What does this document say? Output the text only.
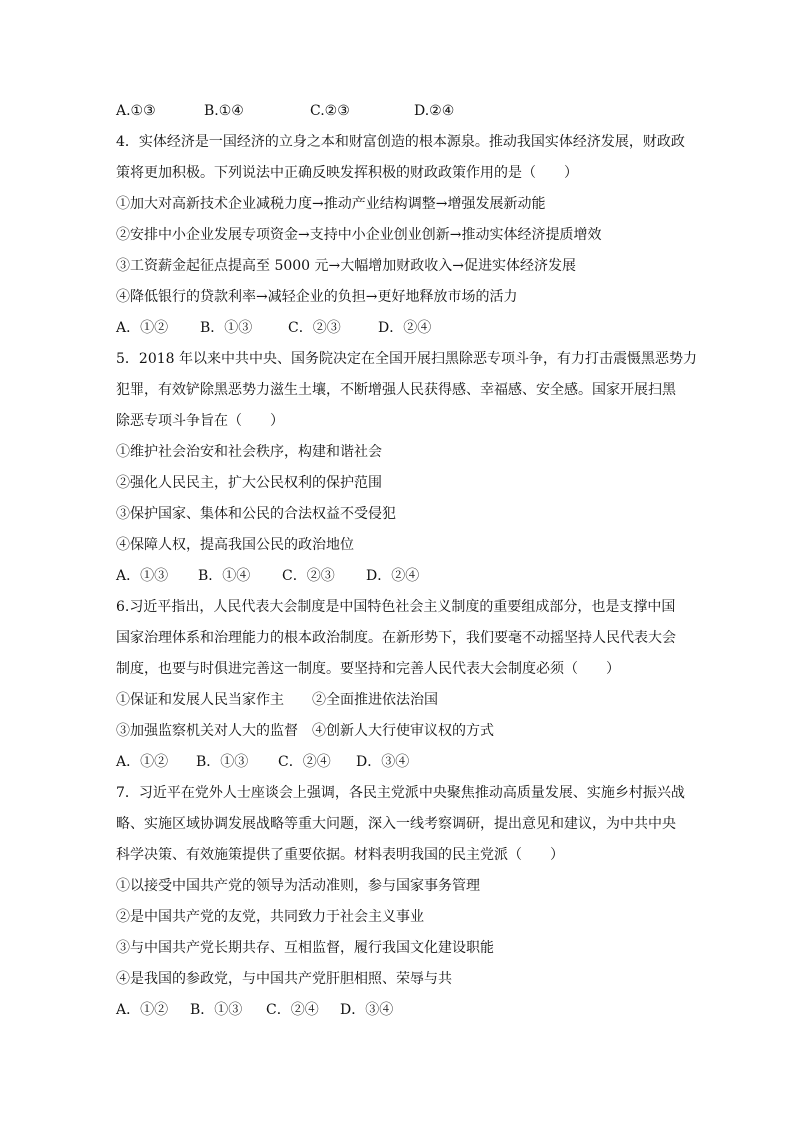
A.①③	B.①④	C.②③	D.②④
4．实体经济是一国经济的立身之本和财富创造的根本源泉。推动我国实体经济发展，财政政
策将更加积极。下列说法中正确反映发挥积极的财政政策作用的是（　　）
①加大对高新技术企业减税力度→推动产业结构调整→增强发展新动能
②安排中小企业发展专项资金→支持中小企业创业创新→推动实体经济提质增效
③工资薪金起征点提高至 5000 元→大幅增加财政收入→促进实体经济发展
④降低银行的贷款利率→减轻企业的负担→更好地释放市场的活力
A．①②	B．①③	C．②③	D．②④
5．2018 年以来中共中央、国务院决定在全国开展扫黑除恶专项斗争，有力打击震慑黑恶势力
犯罪，有效铲除黑恶势力滋生土壤，不断增强人民获得感、幸福感、安全感。国家开展扫黑
除恶专项斗争旨在（　　）
①维护社会治安和社会秩序，构建和谐社会
②强化人民民主，扩大公民权利的保护范围
③保护国家、集体和公民的合法权益不受侵犯
④保障人权，提高我国公民的政治地位
A．①③	B．①④	C．②③	D．②④
6.习近平指出，人民代表大会制度是中国特色社会主义制度的重要组成部分，也是支撑中国
国家治理体系和治理能力的根本政治制度。在新形势下，我们要毫不动摇坚持人民代表大会
制度，也要与时俱进完善这一制度。要坚持和完善人民代表大会制度必须（　　）
①保证和发展人民当家作主　　②全面推进依法治国
③加强监察机关对人大的监督　④创新人大行使审议权的方式
A．①②	B．①③	C．②④	D．③④
7．习近平在党外人士座谈会上强调，各民主党派中央聚焦推动高质量发展、实施乡村振兴战
略、实施区域协调发展战略等重大问题，深入一线考察调研，提出意见和建议，为中共中央
科学决策、有效施策提供了重要依据。材料表明我国的民主党派（　　）
①以接受中国共产党的领导为活动准则，参与国家事务管理
②是中国共产党的友党，共同致力于社会主义事业
③与中国共产党长期共存、互相监督，履行我国文化建设职能
④是我国的参政党，与中国共产党肝胆相照、荣辱与共
A．①②	B．①③	C．②④	D．③④
